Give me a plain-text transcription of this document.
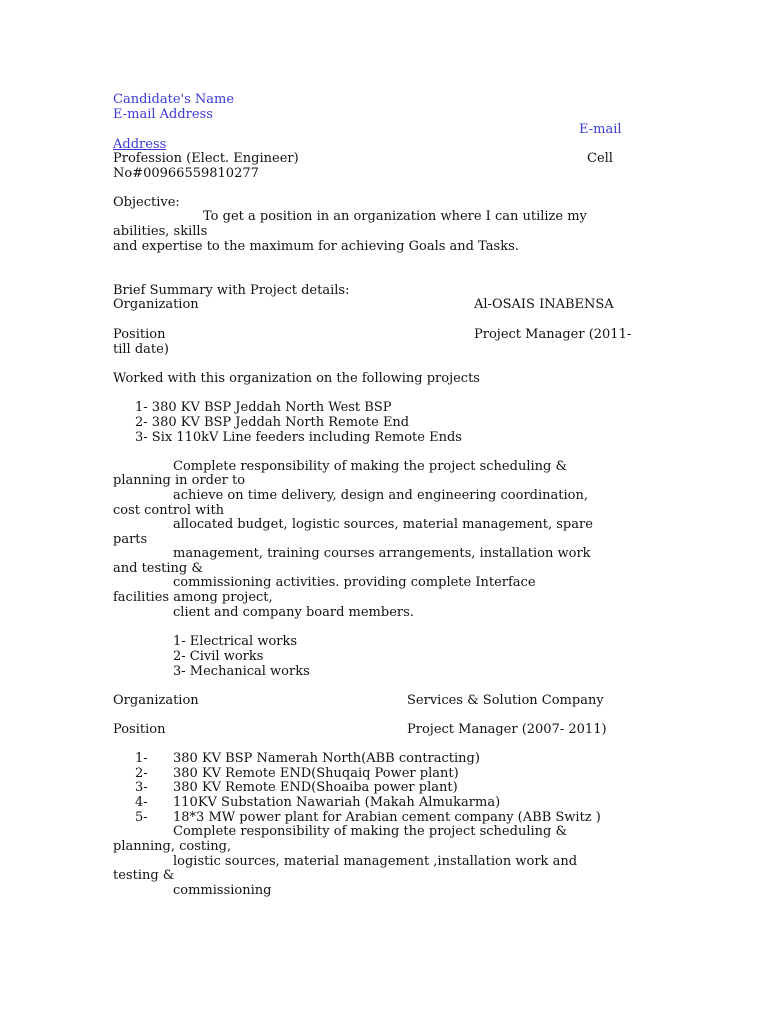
Candidate's Name
E-mail Address
E-mail
Address
Profession (Elect. Engineer)	Cell
No#00966559810277
Objective:
To get a position in an organization where I can utilize my
abilities, skills
and expertise to the maximum for achieving Goals and Tasks.
Brief Summary with Project details:
Organization	Al-OSAIS INABENSA
Position	Project Manager (2011-
till date)
Worked with this organization on the following projects
1- 380 KV BSP Jeddah North West BSP
2- 380 KV BSP Jeddah North Remote End
3- Six 110kV Line feeders including Remote Ends
Complete responsibility of making the project scheduling &
planning in order to
achieve on time delivery, design and engineering coordination,
cost control with
allocated budget, logistic sources, material management, spare
parts
management, training courses arrangements, installation work
and testing &
commissioning activities. providing complete Interface
facilities among project,
client and company board members.
1- Electrical works
2- Civil works
3- Mechanical works
Organization	Services & Solution Company
Position	Project Manager (2007- 2011)
1- 380 KV BSP Namerah North(ABB contracting)
2- 380 KV Remote END(Shuqaiq Power plant)
3- 380 KV Remote END(Shoaiba power plant)
4- 110KV Substation Nawariah (Makah Almukarma)
5- 18*3 MW power plant for Arabian cement company (ABB Switz )
Complete responsibility of making the project scheduling &
planning, costing,
logistic sources, material management ,installation work and
testing &
commissioning
